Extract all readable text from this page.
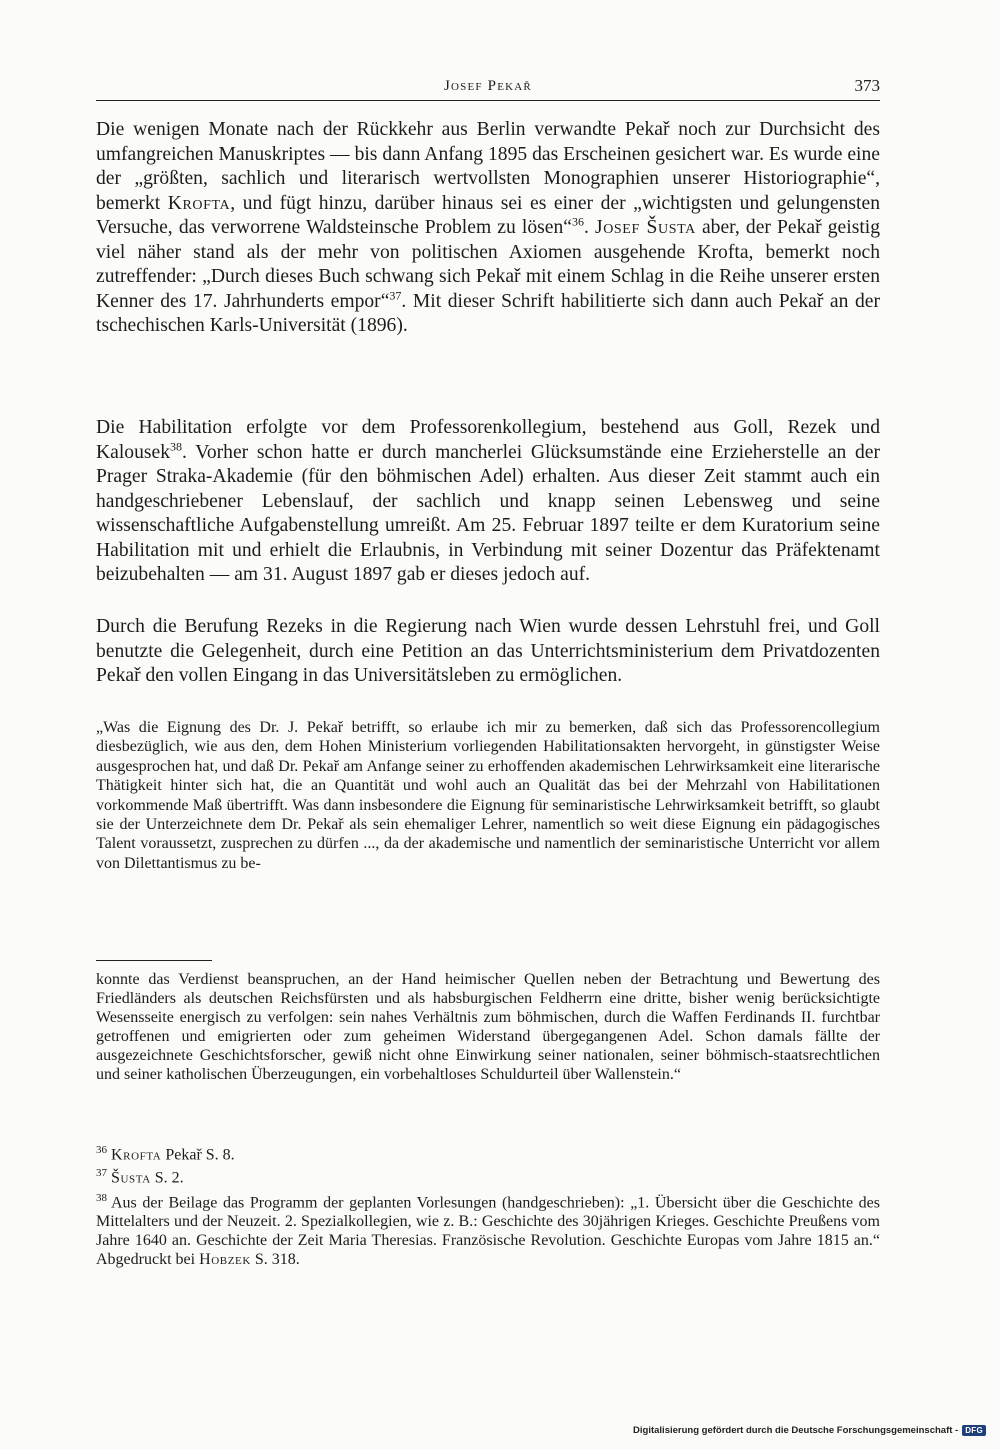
Josef Pekař	373

Die wenigen Monate nach der Rückkehr aus Berlin verwandte Pekař noch zur Durchsicht des umfangreichen Manuskriptes — bis dann Anfang 1895 das Erscheinen gesichert war. Es wurde eine der „größten, sachlich und literarisch wertvollsten Monographien unserer Historiographie“, bemerkt Krofta, und fügt hinzu, darüber hinaus sei es einer der „wichtigsten und gelungensten Versuche, das verworrene Waldsteinsche Problem zu lösen“$^{36}$. Josef Šusta aber, der Pekař geistig viel näher stand als der mehr von politischen Axiomen ausgehende Krofta, bemerkt noch zutreffender: „Durch dieses Buch schwang sich Pekař mit einem Schlag in die Reihe unserer ersten Kenner des 17. Jahrhunderts empor“$^{37}$. Mit dieser Schrift habilitierte sich dann auch Pekař an der tschechischen Karls-Universität (1896).

Die Habilitation erfolgte vor dem Professorenkollegium, bestehend aus Goll, Rezek und Kalousek$^{38}$. Vorher schon hatte er durch mancherlei Glücksumstände eine Erzieherstelle an der Prager Straka-Akademie (für den böhmischen Adel) erhalten. Aus dieser Zeit stammt auch ein handgeschriebener Lebenslauf, der sachlich und knapp seinen Lebensweg und seine wissenschaftliche Aufgabenstellung umreißt. Am 25. Februar 1897 teilte er dem Kuratorium seine Habilitation mit und erhielt die Erlaubnis, in Verbindung mit seiner Dozentur das Präfektenamt beizubehalten — am 31. August 1897 gab er dieses jedoch auf.

Durch die Berufung Rezeks in die Regierung nach Wien wurde dessen Lehrstuhl frei, und Goll benutzte die Gelegenheit, durch eine Petition an das Unterrichtsministerium dem Privatdozenten Pekař den vollen Eingang in das Universitätsleben zu ermöglichen.

„Was die Eignung des Dr. J. Pekař betrifft, so erlaube ich mir zu bemerken, daß sich das Professorencollegium diesbezüglich, wie aus den, dem Hohen Ministerium vorliegenden Habilitationsakten hervorgeht, in günstigster Weise ausgesprochen hat, und daß Dr. Pekař am Anfange seiner zu erhoffenden akademischen Lehrwirksamkeit eine literarische Thätigkeit hinter sich hat, die an Quantität und wohl auch an Qualität das bei der Mehrzahl von Habilitationen vorkommende Maß übertrifft. Was dann insbesondere die Eignung für seminaristische Lehrwirksamkeit betrifft, so glaubt sie der Unterzeichnete dem Dr. Pekař als sein ehemaliger Lehrer, namentlich so weit diese Eignung ein pädagogisches Talent voraussetzt, zusprechen zu dürfen ..., da der akademische und namentlich der seminaristische Unterricht vor allem von Dilettantismus zu be-

konnte das Verdienst beanspruchen, an der Hand heimischer Quellen neben der Betrachtung und Bewertung des Friedländers als deutschen Reichsfürsten und als habsburgischen Feldherrn eine dritte, bisher wenig berücksichtigte Wesensseite energisch zu verfolgen: sein nahes Verhältnis zum böhmischen, durch die Waffen Ferdinands II. furchtbar getroffenen und emigrierten oder zum geheimen Widerstand übergegangenen Adel. Schon damals fällte der ausgezeichnete Geschichtsforscher, gewiß nicht ohne Einwirkung seiner nationalen, seiner böhmisch-staatsrechtlichen und seiner katholischen Überzeugungen, ein vorbehaltloses Schuldurteil über Wallenstein.“

$^{36}$ Krofta Pekař S. 8.

$^{37}$ Šusta S. 2.

$^{38}$ Aus der Beilage das Programm der geplanten Vorlesungen (handgeschrieben): „1. Übersicht über die Geschichte des Mittelalters und der Neuzeit. 2. Spezialkollegien, wie z. B.: Geschichte des 30jährigen Krieges. Geschichte Preußens vom Jahre 1640 an. Geschichte der Zeit Maria Theresias. Französische Revolution. Geschichte Europas vom Jahre 1815 an.“ Abgedruckt bei Hobzek S. 318.

Digitalisierung gefördert durch die Deutsche Forschungsgemeinschaft - DFG
